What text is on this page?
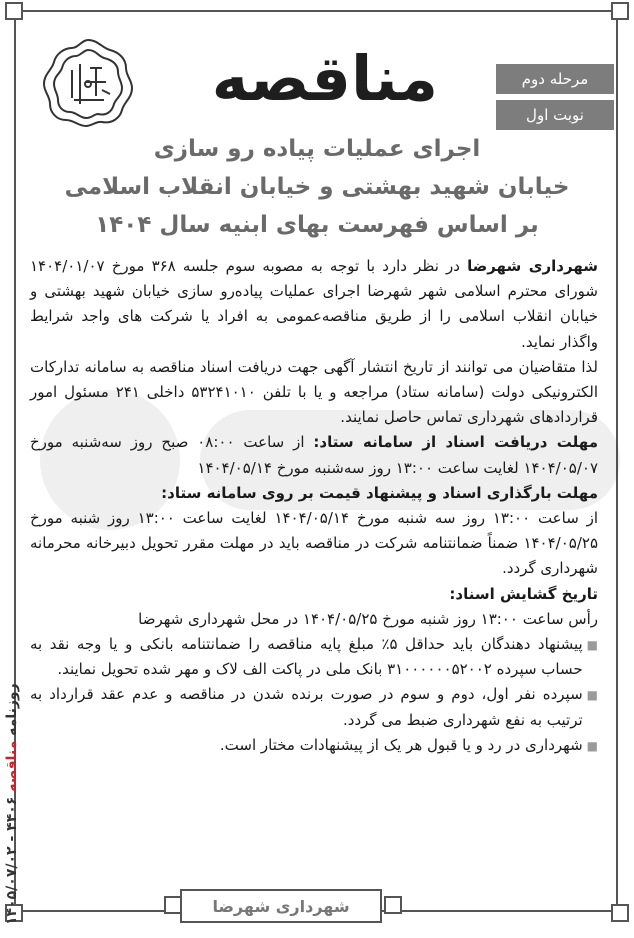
مناقصه	مرحله دوم
نوبت اول
اجرای عملیات پیاده رو سازی
خیابان شهید بهشتی و خیابان انقلاب اسلامی
بر اساس فهرست بهای ابنیه سال ۱۴۰۴

شهرداری شهرضا در نظر دارد با توجه به مصوبه سوم جلسه ۳۶۸ مورخ ۱۴۰۴/۰۱/۰۷ شورای محترم اسلامی شهر شهرضا اجرای عملیات پیاده‌رو سازی خیابان شهید بهشتی و خیابان انقلاب اسلامی را از طریق مناقصه‌عمومی به افراد یا شرکت های واجد شرایط واگذار نماید.

لذا متقاضیان می توانند از تاریخ انتشار آگهی جهت دریافت اسناد مناقصه به سامانه تدارکات الکترونیکی دولت (سامانه ستاد) مراجعه و یا با تلفن ۵۳۲۴۱۰۱۰ داخلی ۲۴۱ مسئول امور قراردادهای شهرداری تماس حاصل نمایند.

مهلت دریافت اسناد از سامانه ستاد: از ساعت ۰۸:۰۰ صبح روز سه‌شنبه مورخ ۱۴۰۴/۰۵/۰۷ لغایت ساعت ۱۳:۰۰ روز سه‌شنبه مورخ ۱۴۰۴/۰۵/۱۴

مهلت بارگذاری اسناد و پیشنهاد قیمت بر روی سامانه ستاد:

از ساعت ۱۳:۰۰ روز سه شنبه مورخ ۱۴۰۴/۰۵/۱۴ لغایت ساعت ۱۳:۰۰ روز شنبه مورخ ۱۴۰۴/۰۵/۲۵ ضمناً ضمانتنامه شرکت در مناقصه باید در مهلت مقرر تحویل دبیرخانه محرمانه شهرداری گردد.

تاریخ گشایش اسناد:

رأس ساعت ۱۳:۰۰ روز شنبه مورخ ۱۴۰۴/۰۵/۲۵ در محل شهرداری شهرضا

■

پیشنهاد دهندگان باید حداقل ۵٪ مبلغ پایه مناقصه را ضمانتنامه بانکی و یا وجه نقد به حساب سپرده ۳۱۰۰۰۰۰۰۵۲۰۰۲ بانک ملی در پاکت الف لاک و مهر شده تحویل نمایند.

■

سپرده نفر اول، دوم و سوم در صورت برنده شدن در مناقصه و عدم عقد قرارداد به ترتیب به نفع شهرداری ضبط می گردد.

■

شهرداری در رد و یا قبول هر یک از پیشنهادات مختار است.

شهرداری شهرضا
روزنامه مناقصه ۴۴۰۶ - ۱۴۰۵/۰۷/۰۲
